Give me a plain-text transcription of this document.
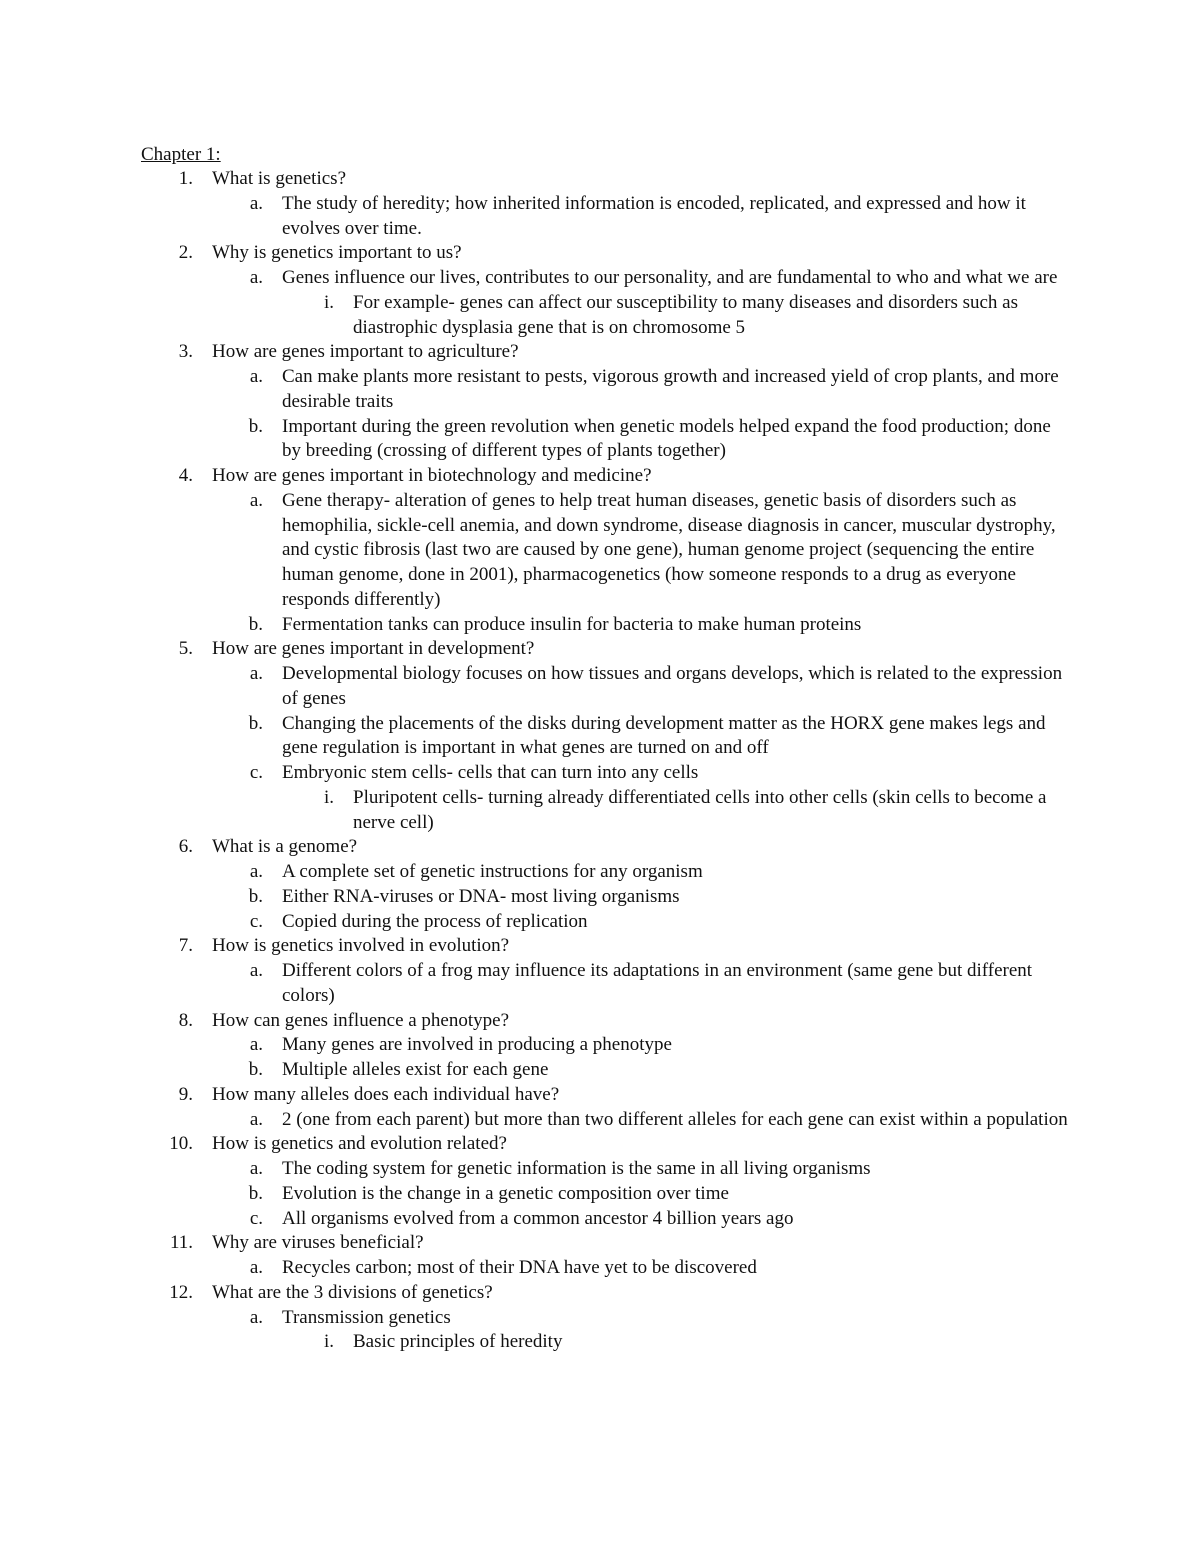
Chapter 1:
1. What is genetics?
a. The study of heredity; how inherited information is encoded, replicated, and expressed and how it evolves over time.
2. Why is genetics important to us?
a. Genes influence our lives, contributes to our personality, and are fundamental to who and what we are
i. For example- genes can affect our susceptibility to many diseases and disorders such as diastrophic dysplasia gene that is on chromosome 5
3. How are genes important to agriculture?
a. Can make plants more resistant to pests, vigorous growth and increased yield of crop plants, and more desirable traits
b. Important during the green revolution when genetic models helped expand the food production; done by breeding (crossing of different types of plants together)
4. How are genes important in biotechnology and medicine?
a. Gene therapy- alteration of genes to help treat human diseases, genetic basis of disorders such as hemophilia, sickle-cell anemia, and down syndrome, disease diagnosis in cancer, muscular dystrophy, and cystic fibrosis (last two are caused by one gene), human genome project (sequencing the entire human genome, done in 2001), pharmacogenetics (how someone responds to a drug as everyone responds differently)
b. Fermentation tanks can produce insulin for bacteria to make human proteins
5. How are genes important in development?
a. Developmental biology focuses on how tissues and organs develops, which is related to the expression of genes
b. Changing the placements of the disks during development matter as the HORX gene makes legs and gene regulation is important in what genes are turned on and off
c. Embryonic stem cells- cells that can turn into any cells
i. Pluripotent cells- turning already differentiated cells into other cells (skin cells to become a nerve cell)
6. What is a genome?
a. A complete set of genetic instructions for any organism
b. Either RNA-viruses or DNA- most living organisms
c. Copied during the process of replication
7. How is genetics involved in evolution?
a. Different colors of a frog may influence its adaptations in an environment (same gene but different colors)
8. How can genes influence a phenotype?
a. Many genes are involved in producing a phenotype
b. Multiple alleles exist for each gene
9. How many alleles does each individual have?
a. 2 (one from each parent) but more than two different alleles for each gene can exist within a population
10. How is genetics and evolution related?
a. The coding system for genetic information is the same in all living organisms
b. Evolution is the change in a genetic composition over time
c. All organisms evolved from a common ancestor 4 billion years ago
11. Why are viruses beneficial?
a. Recycles carbon; most of their DNA have yet to be discovered
12. What are the 3 divisions of genetics?
a. Transmission genetics
i. Basic principles of heredity
